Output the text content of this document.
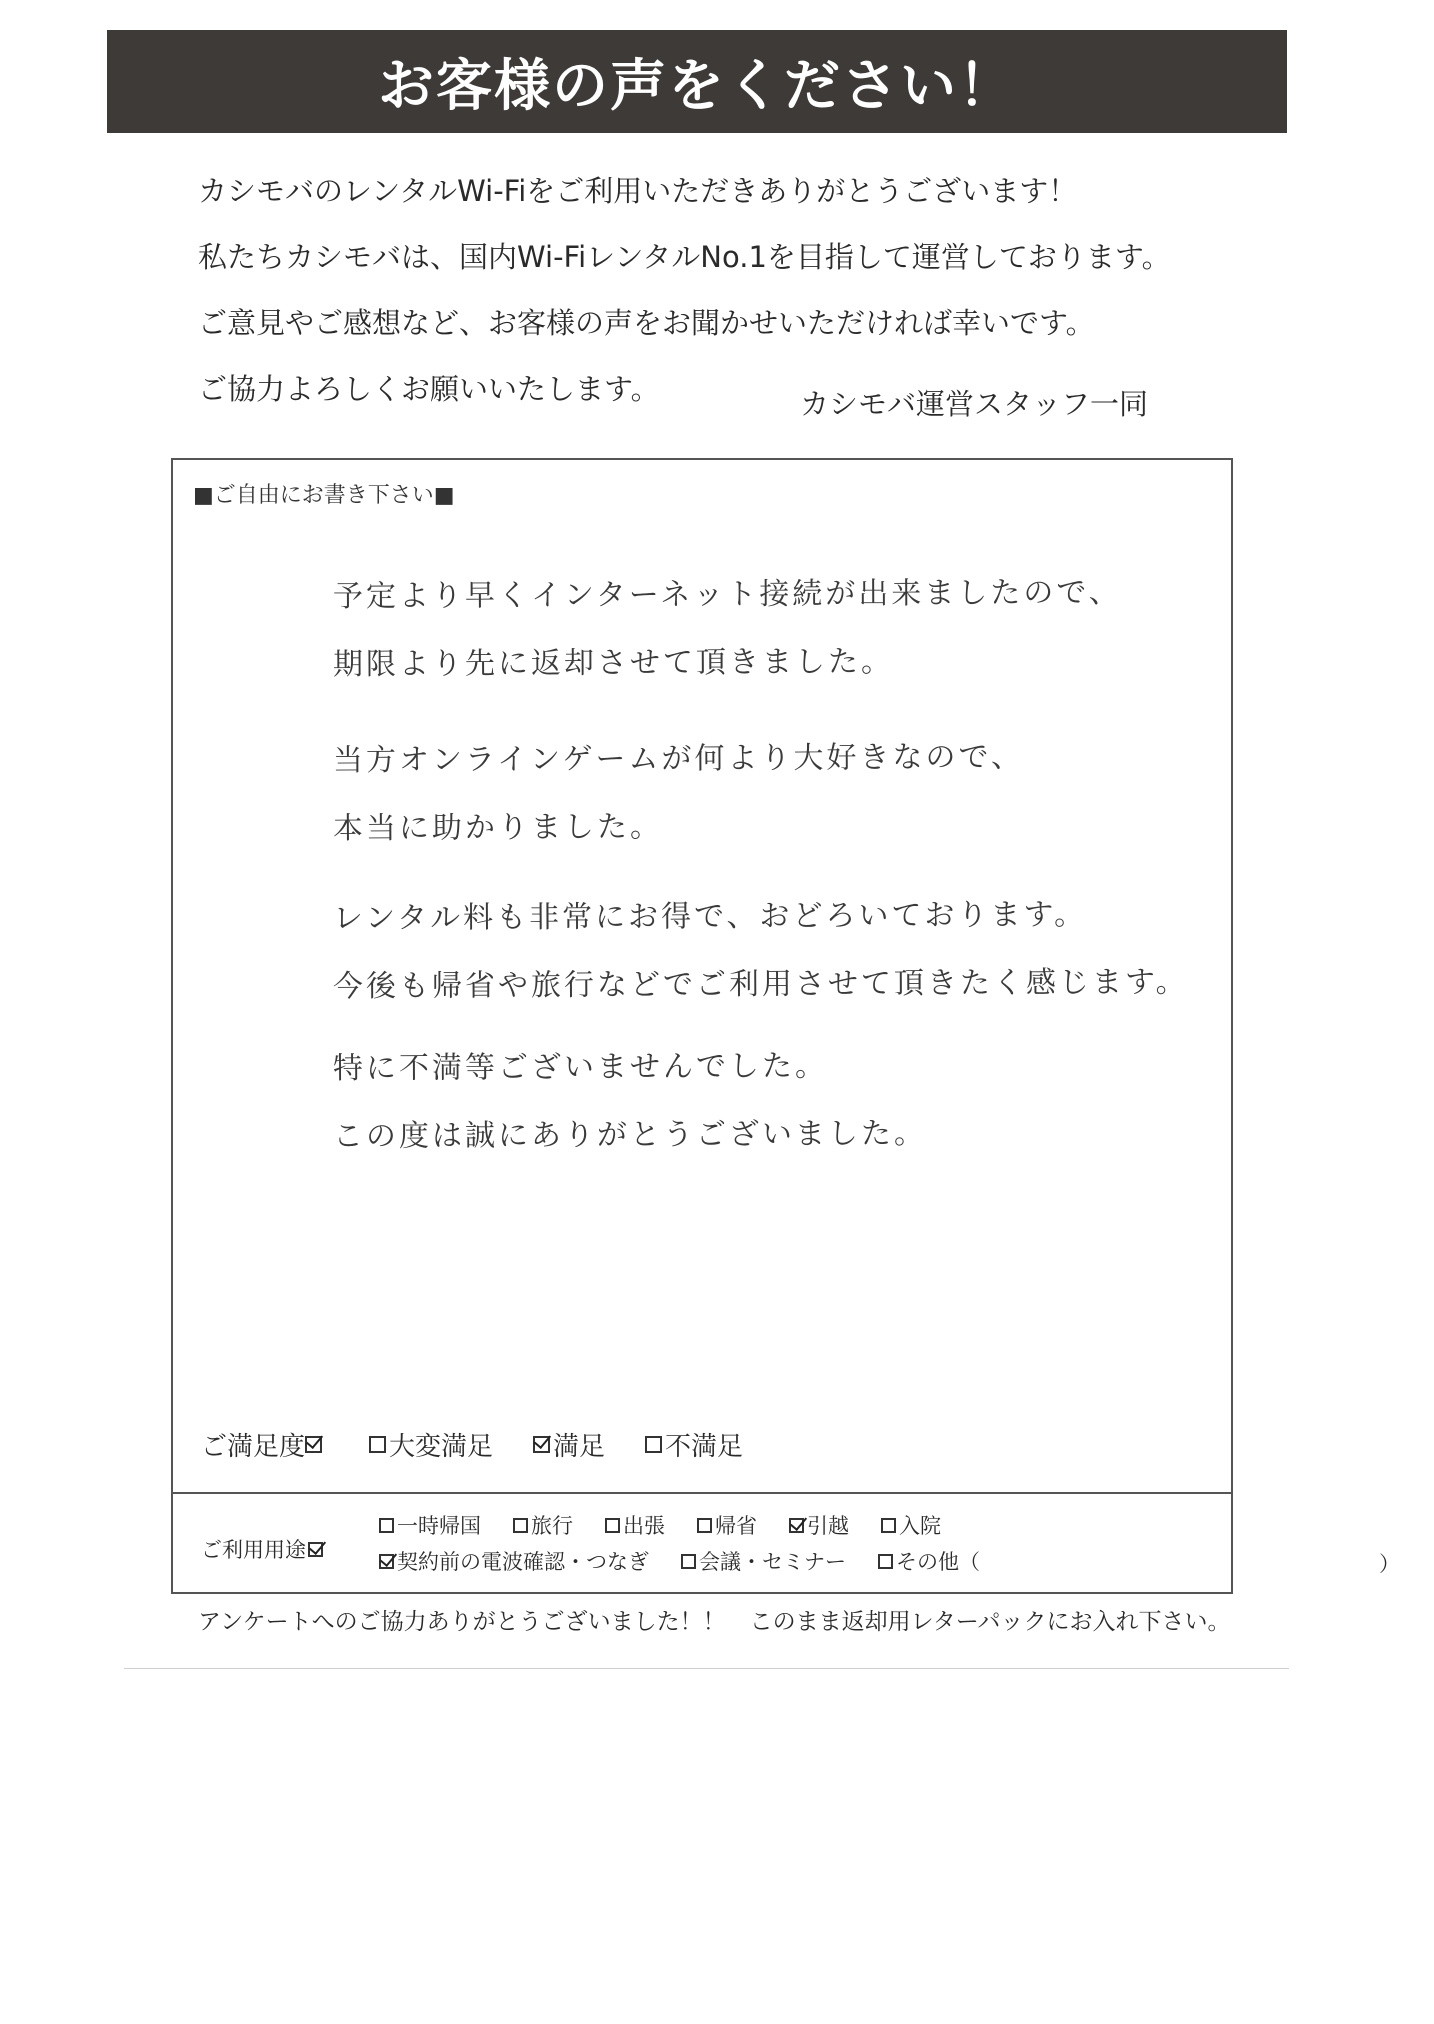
お客様の声をください！
カシモバのレンタルWi-Fiをご利用いただきありがとうございます！
私たちカシモバは、国内Wi-FiレンタルNo.1を目指して運営しております。
ご意見やご感想など、お客様の声をお聞かせいただければ幸いです。
ご協力よろしくお願いいたします。	カシモバ運営スタッフ一同
■ご自由にお書き下さい■
予定より早くインターネット接続が出来ましたので、
期限より先に返却させて頂きました。
当方オンラインゲームが何より大好きなので、
本当に助かりました。
レンタル料も非常にお得で、おどろいております。
今後も帰省や旅行などでご利用させて頂きたく感じます。
特に不満等ございませんでした。
この度は誠にありがとうございました。
ご満足度	大変満足 満足 不満足
ご利用用途
一時帰国 旅行 出張 帰省 引越 入院
契約前の電波確認・つなぎ 会議・セミナー その他（	）
アンケートへのご協力ありがとうございました！！ このまま返却用レターパックにお入れ下さい。
